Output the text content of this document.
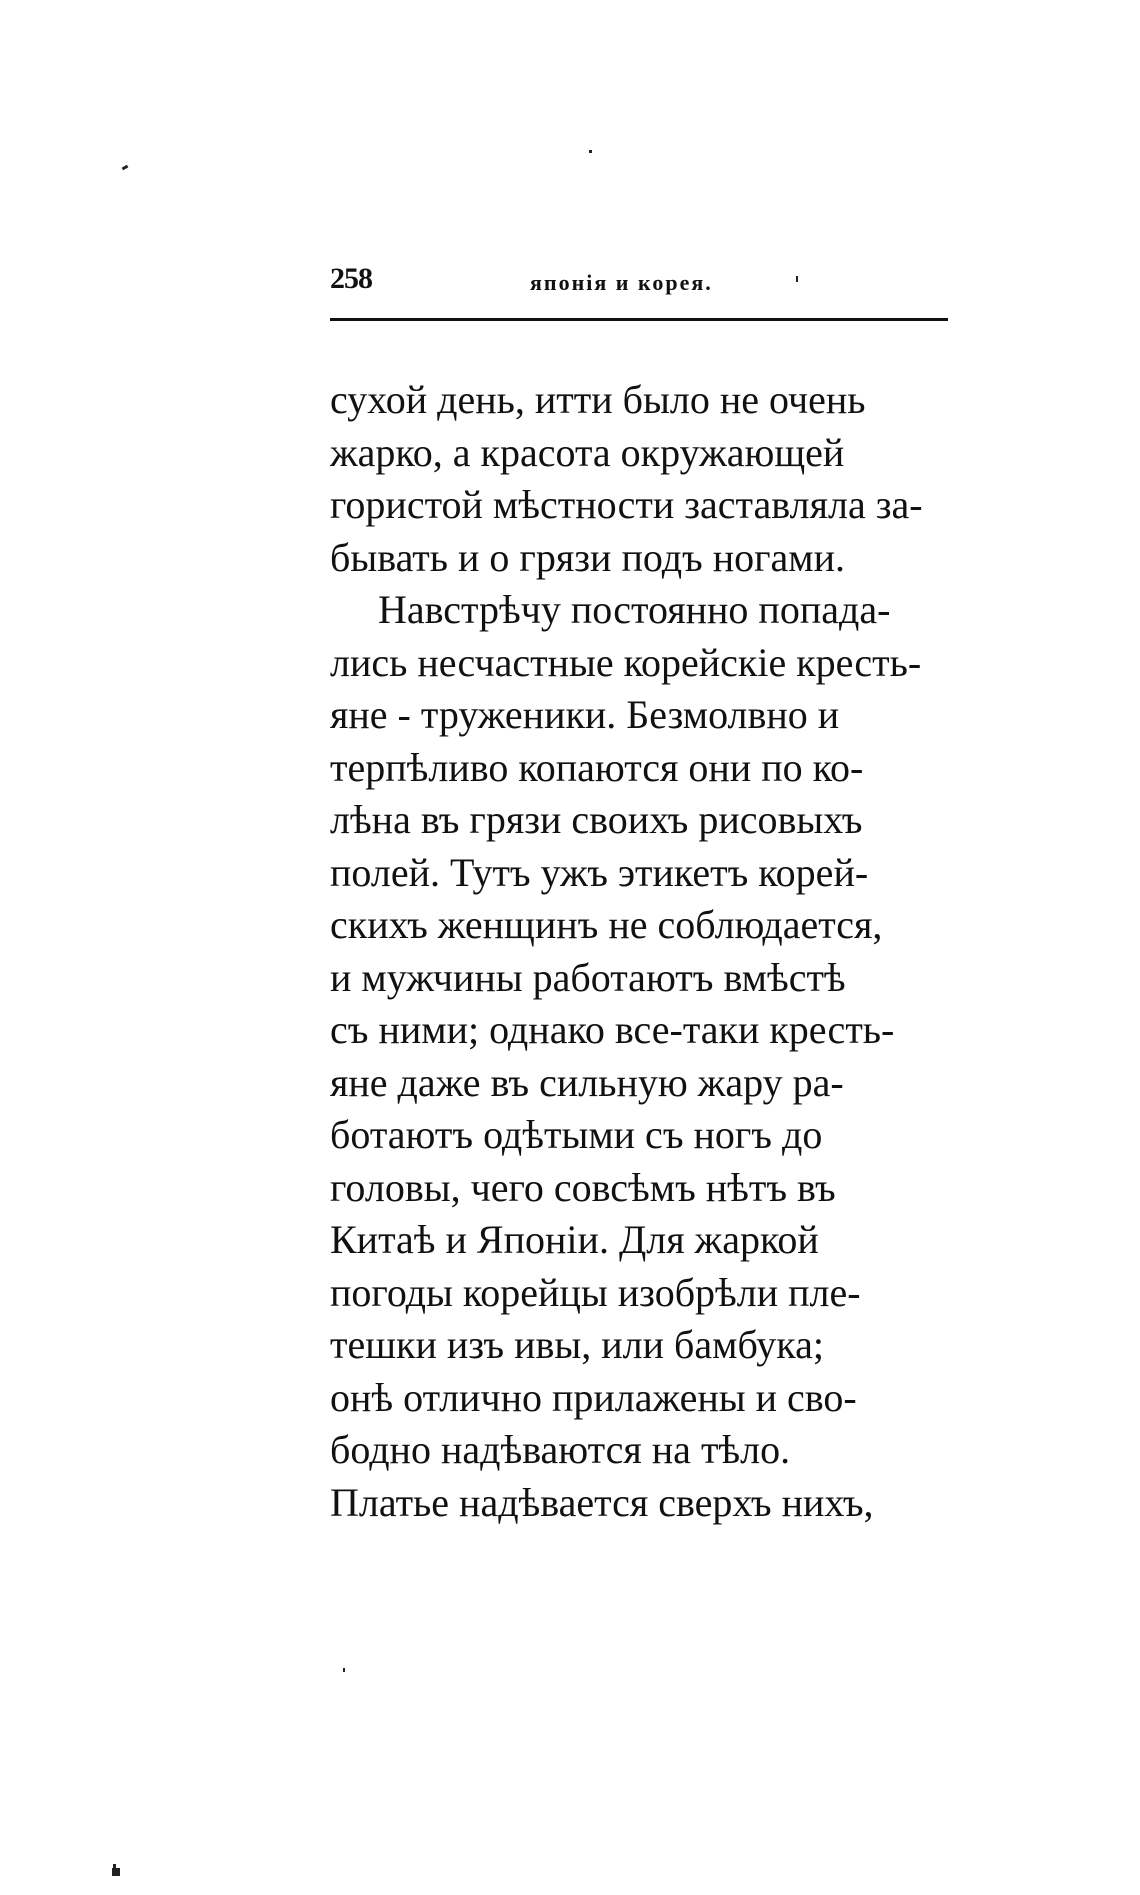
258	японія и корея.
сухой день, итти было не очень
жарко, а красота окружающей
гористой мѣстности заставляла за-
бывать и о грязи подъ ногами.
Навстрѣчу постоянно попада-
лись несчастные корейскіе кресть-
яне - труженики. Безмолвно и
терпѣливо копаются они по ко-
лѣна въ грязи своихъ рисовыхъ
полей. Тутъ ужъ этикетъ корей-
скихъ женщинъ не соблюдается,
и мужчины работаютъ вмѣстѣ
съ ними; однако все-таки кресть-
яне даже въ сильную жару ра-
ботаютъ одѣтыми съ ногъ до
головы, чего совсѣмъ нѣтъ въ
Китаѣ и Японіи. Для жаркой
погоды корейцы изобрѣли пле-
тешки изъ ивы, или бамбука;
онѣ отлично прилажены и сво-
бодно надѣваются на тѣло.
Платье надѣвается сверхъ нихъ,
